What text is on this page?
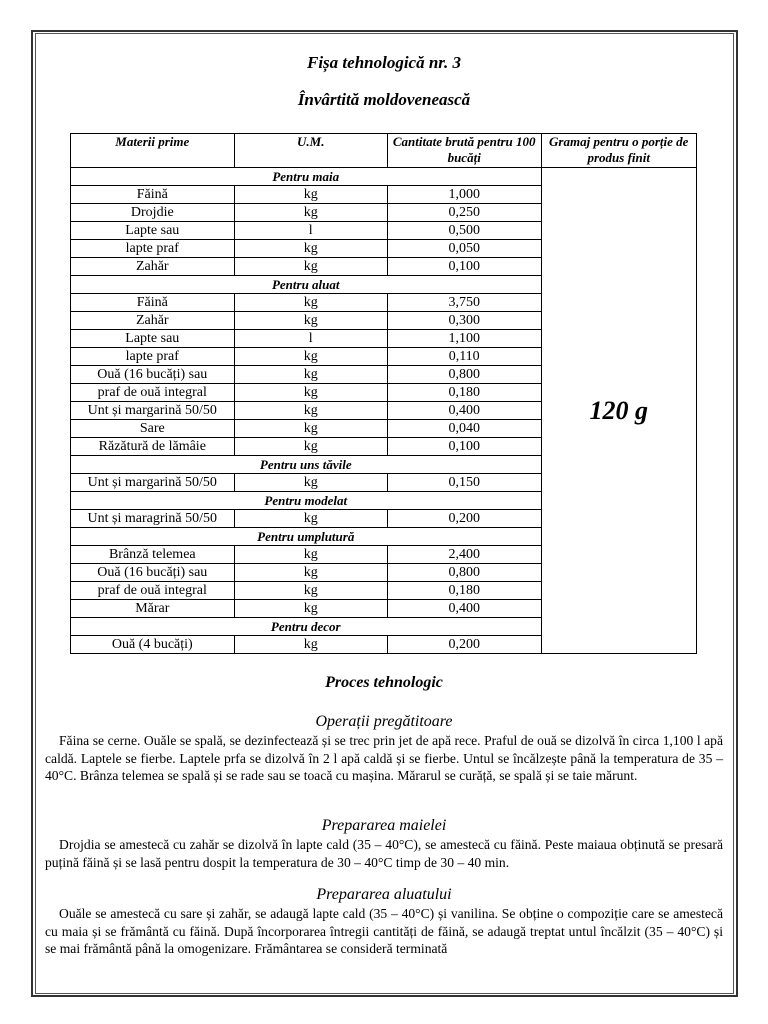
Fișa tehnologică nr. 3
Învârtită moldovenească
Materii prime	U.M.	Cantitate brută pentru 100 bucăți	Gramaj pentru o porție de produs finit
Pentru maia			120 g
Făină	kg	1,000	
Drojdie	kg	0,250	
Lapte sau	l	0,500	
lapte praf	kg	0,050	
Zahăr	kg	0,100	
Pentru aluat			
Făină	kg	3,750	
Zahăr	kg	0,300	
Lapte sau	l	1,100	
lapte praf	kg	0,110	
Ouă (16 bucăți) sau	kg	0,800	
praf de ouă integral	kg	0,180	
Unt și margarină 50/50	kg	0,400	
Sare	kg	0,040	
Răzătură de lămâie	kg	0,100	
Pentru uns tăvile			
Unt și margarină 50/50	kg	0,150	
Pentru modelat			
Unt și maragrină 50/50	kg	0,200	
Pentru umplutură			
Brânză telemea	kg	2,400	
Ouă (16 bucăți) sau	kg	0,800	
praf de ouă integral	kg	0,180	
Mărar	kg	0,400	
Pentru decor			
Ouă (4 bucăți)	kg	0,200	
Proces tehnologic
Operații pregătitoare
Făina se cerne. Ouăle se spală, se dezinfectează și se trec prin jet de apă rece. Praful de ouă se dizolvă în circa 1,100 l apă caldă. Laptele se fierbe. Laptele prfa se dizolvă în 2 l apă caldă și se fierbe. Untul se încălzește până la temperatura de 35 – 40°C. Brânza telemea se spală și se rade sau se toacă cu mașina. Mărarul se curăță, se spală și se taie mărunt.
Prepararea maielei
Drojdia se amestecă cu zahăr se dizolvă în lapte cald (35 – 40°C), se amestecă cu făină. Peste maiaua obținută se presară puțină făină și se lasă pentru dospit la temperatura de 30 – 40°C timp de 30 – 40 min.
Prepararea aluatului
Ouăle se amestecă cu sare și zahăr, se adaugă lapte cald (35 – 40°C) și vanilina. Se obține o compoziție care se amestecă cu maia și se frământă cu făină. După încorporarea întregii cantități de făină, se adaugă treptat untul încălzit (35 – 40°C) și se mai frământă până la omogenizare. Frământarea se consideră terminată
